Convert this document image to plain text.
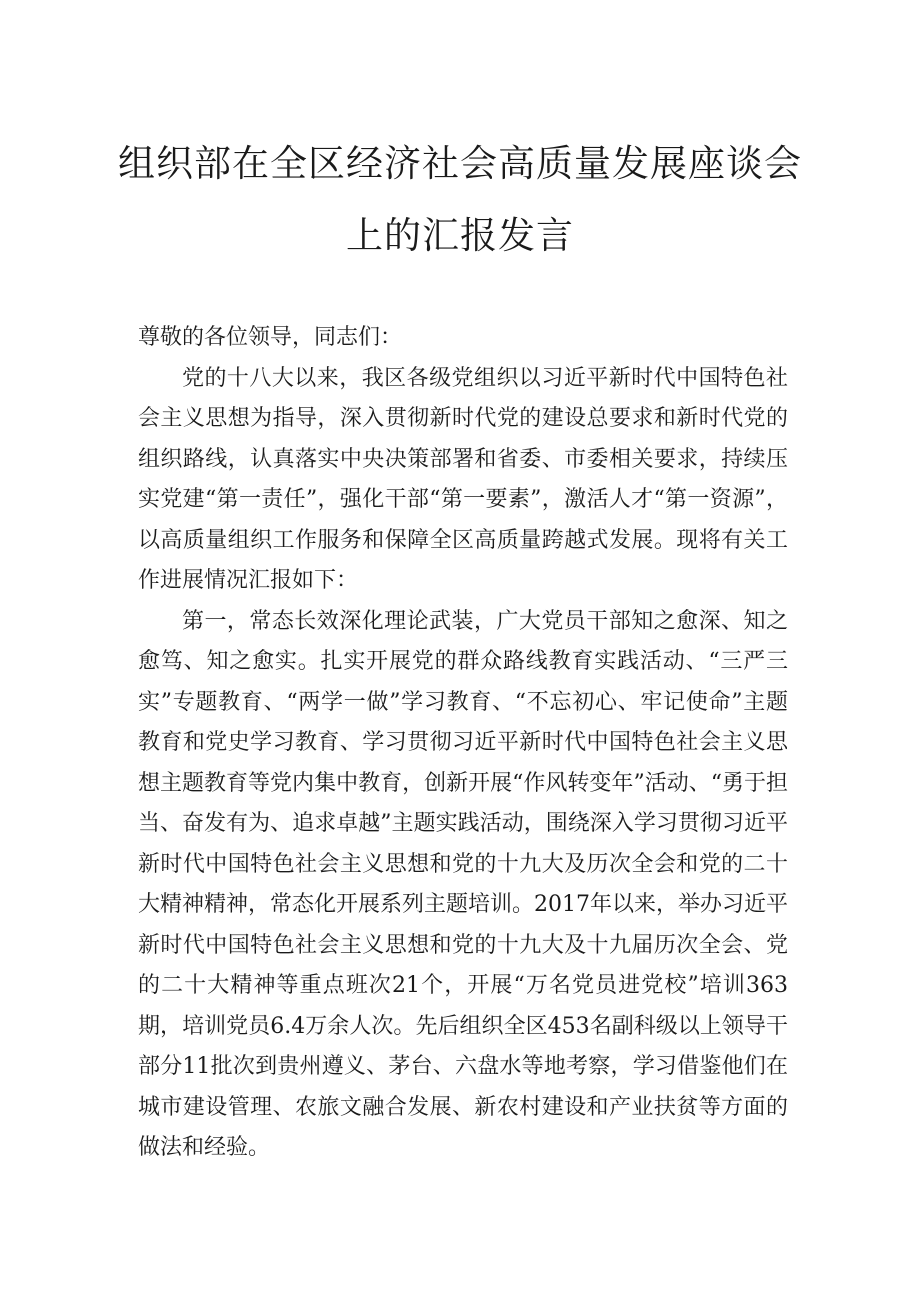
组织部在全区经济社会高质量发展座谈会
上的汇报发言

尊敬的各位领导，同志们：

党的十八大以来，我区各级党组织以习近平新时代中国特色社会主义思想为指导，深入贯彻新时代党的建设总要求和新时代党的组织路线，认真落实中央决策部署和省委、市委相关要求，持续压实党建“第一责任”，强化干部“第一要素”，激活人才“第一资源”，以高质量组织工作服务和保障全区高质量跨越式发展。现将有关工作进展情况汇报如下：

第一，常态长效深化理论武装，广大党员干部知之愈深、知之愈笃、知之愈实。扎实开展党的群众路线教育实践活动、“三严三实”专题教育、“两学一做”学习教育、“不忘初心、牢记使命”主题教育和党史学习教育、学习贯彻习近平新时代中国特色社会主义思想主题教育等党内集中教育，创新开展“作风转变年”活动、“勇于担当、奋发有为、追求卓越”主题实践活动，围绕深入学习贯彻习近平新时代中国特色社会主义思想和党的十九大及历次全会和党的二十大精神精神，常态化开展系列主题培训。2017年以来，举办习近平新时代中国特色社会主义思想和党的十九大及十九届历次全会、党的二十大精神等重点班次21个，开展“万名党员进党校”培训363期，培训党员6.4万余人次。先后组织全区453名副科级以上领导干部分11批次到贵州遵义、茅台、六盘水等地考察，学习借鉴他们在城市建设管理、农旅文融合发展、新农村建设和产业扶贫等方面的做法和经验。
